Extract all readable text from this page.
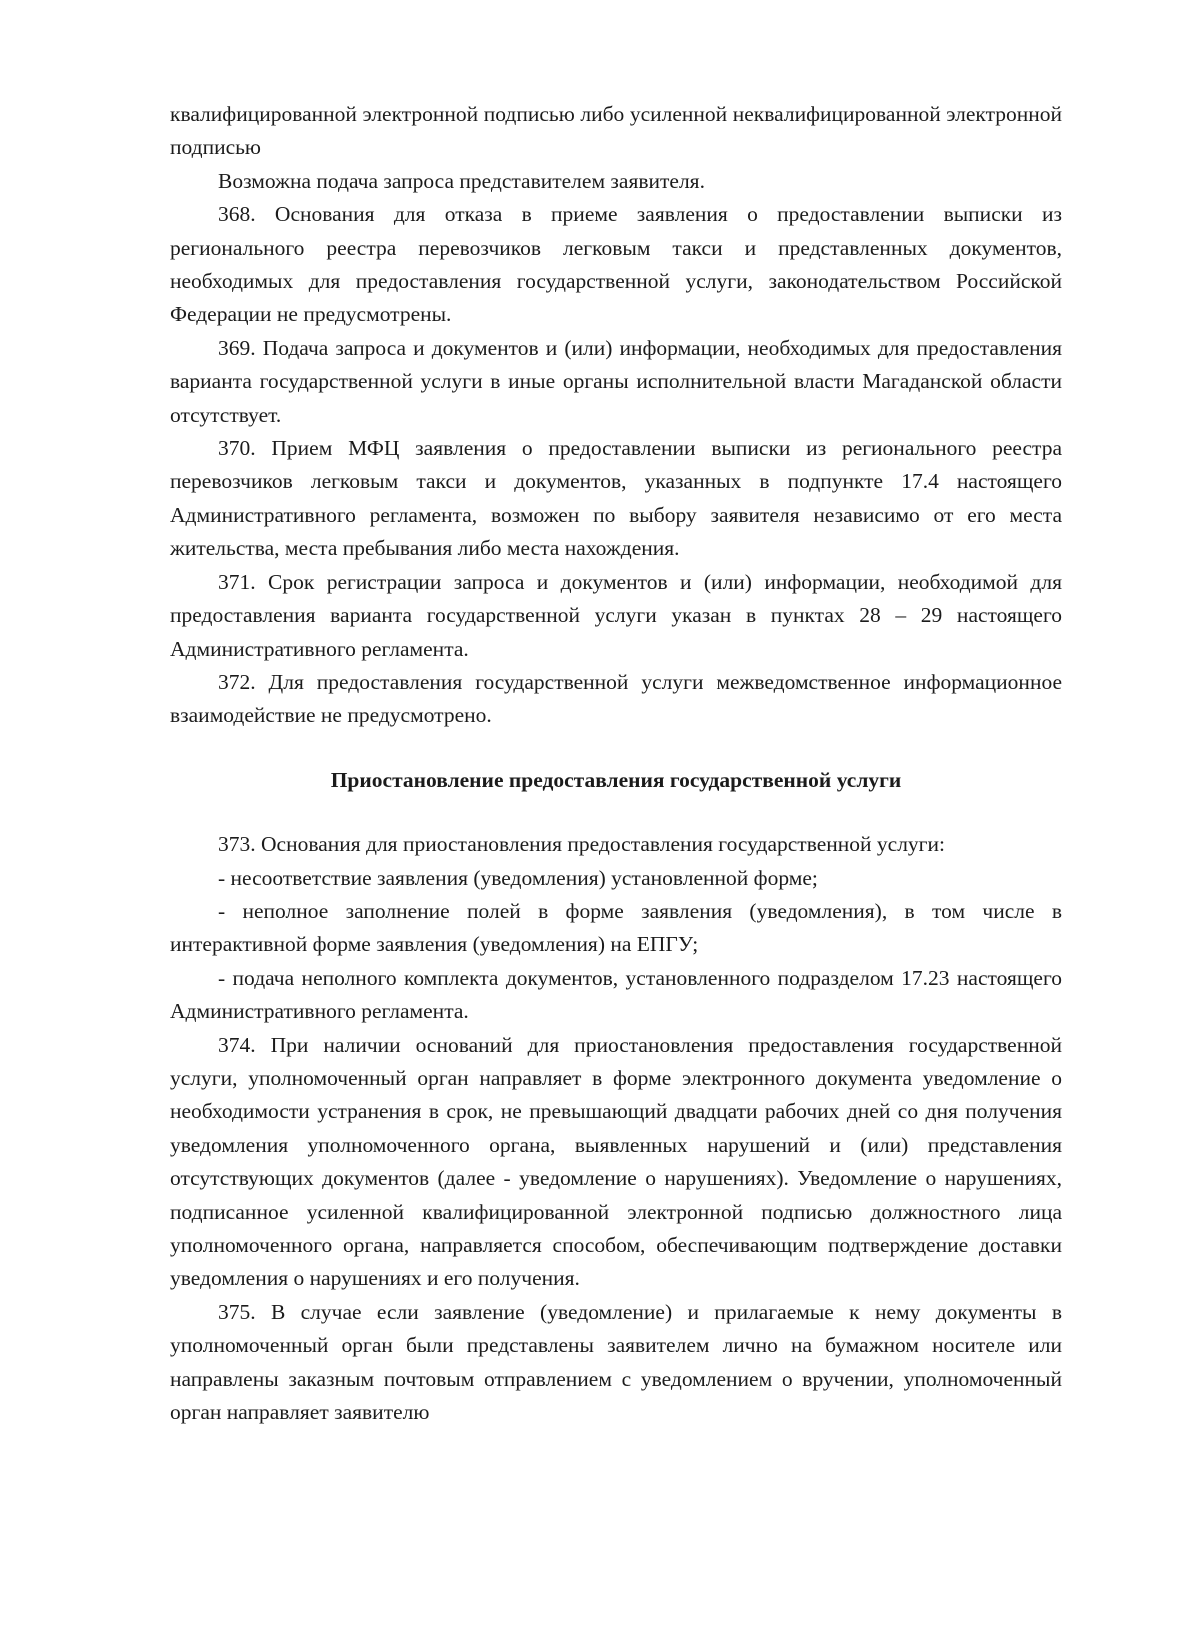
квалифицированной электронной подписью либо усиленной неквалифицированной электронной подписью

Возможна подача запроса представителем заявителя.

368. Основания для отказа в приеме заявления о предоставлении выписки из регионального реестра перевозчиков легковым такси и представленных документов, необходимых для предоставления государственной услуги, законодательством Российской Федерации не предусмотрены.

369. Подача запроса и документов и (или) информации, необходимых для предоставления варианта государственной услуги в иные органы исполнительной власти Магаданской области отсутствует.

370. Прием МФЦ заявления о предоставлении выписки из регионального реестра перевозчиков легковым такси и документов, указанных в подпункте 17.4 настоящего Административного регламента, возможен по выбору заявителя независимо от его места жительства, места пребывания либо места нахождения.

371. Срок регистрации запроса и документов и (или) информации, необходимой для предоставления варианта государственной услуги указан в пунктах 28 – 29 настоящего Административного регламента.

372. Для предоставления государственной услуги межведомственное информационное взаимодействие не предусмотрено.

Приостановление предоставления государственной услуги

373. Основания для приостановления предоставления государственной услуги:

- несоответствие заявления (уведомления) установленной форме;

- неполное заполнение полей в форме заявления (уведомления), в том числе в интерактивной форме заявления (уведомления) на ЕПГУ;

- подача неполного комплекта документов, установленного подразделом 17.23 настоящего Административного регламента.

374. При наличии оснований для приостановления предоставления государственной услуги, уполномоченный орган направляет в форме электронного документа уведомление о необходимости устранения в срок, не превышающий двадцати рабочих дней со дня получения уведомления уполномоченного органа, выявленных нарушений и (или) представления отсутствующих документов (далее - уведомление о нарушениях). Уведомление о нарушениях, подписанное усиленной квалифицированной электронной подписью должностного лица уполномоченного органа, направляется способом, обеспечивающим подтверждение доставки уведомления о нарушениях и его получения.

375. В случае если заявление (уведомление) и прилагаемые к нему документы в уполномоченный орган были представлены заявителем лично на бумажном носителе или направлены заказным почтовым отправлением с уведомлением о вручении, уполномоченный орган направляет заявителю
